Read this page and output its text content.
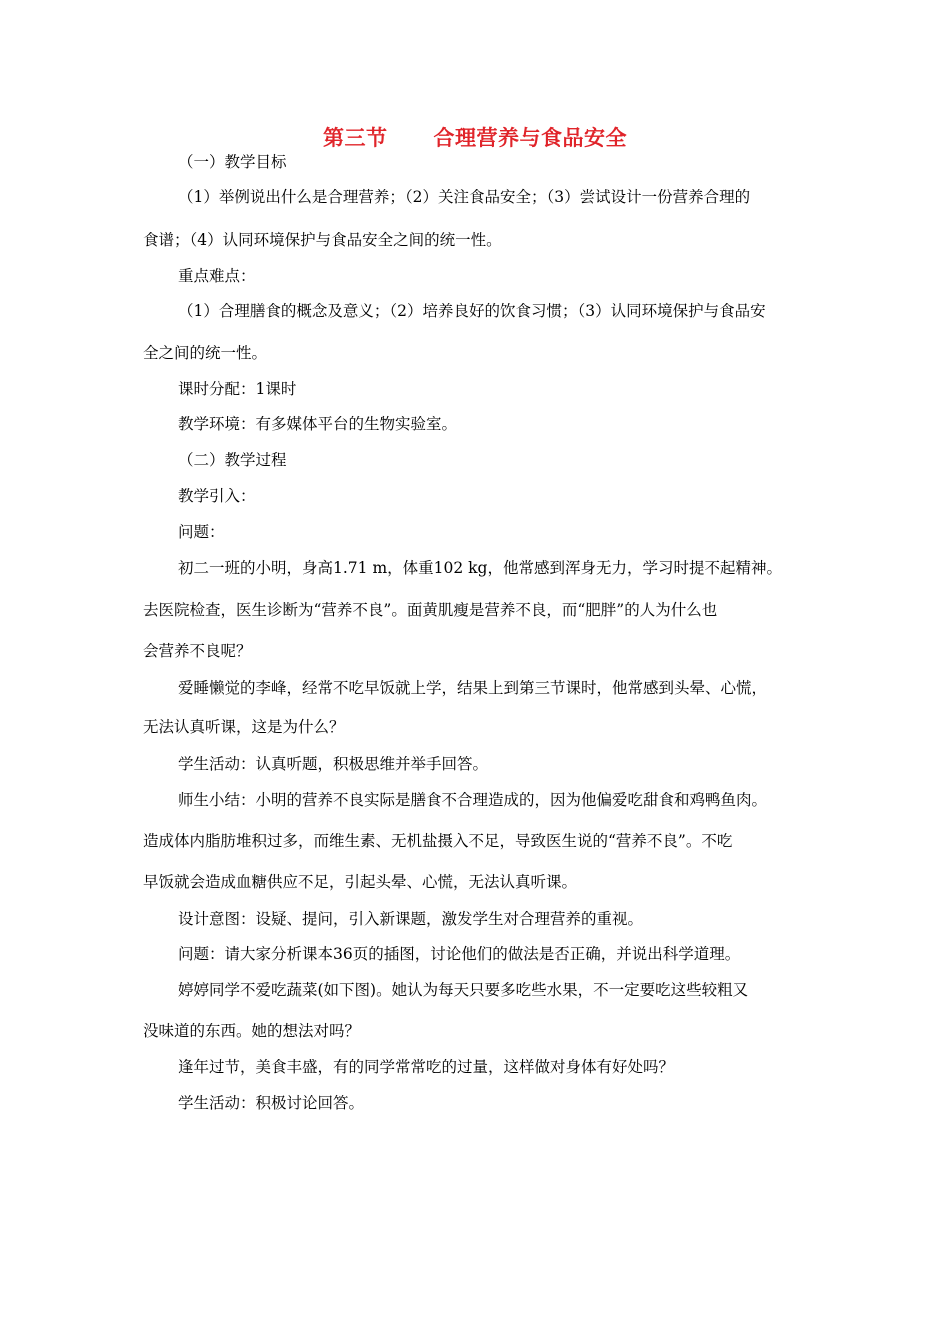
第三节 合理营养与食品安全
（一）教学目标
（1）举例说出什么是合理营养；（2）关注食品安全；（3）尝试设计一份营养合理的
食谱；（4）认同环境保护与食品安全之间的统一性。
重点难点：
（1）合理膳食的概念及意义；（2）培养良好的饮食习惯；（3）认同环境保护与食品安
全之间的统一性。
课时分配：1课时
教学环境：有多媒体平台的生物实验室。
（二）教学过程
教学引入：
问题：
初二一班的小明，身高1.71 m，体重102 kg，他常感到浑身无力，学习时提不起精神。
去医院检查，医生诊断为“营养不良”。面黄肌瘦是营养不良，而“肥胖”的人为什么也
会营养不良呢？
爱睡懒觉的李峰，经常不吃早饭就上学，结果上到第三节课时，他常感到头晕、心慌，
无法认真听课，这是为什么？
学生活动：认真听题，积极思维并举手回答。
师生小结：小明的营养不良实际是膳食不合理造成的，因为他偏爱吃甜食和鸡鸭鱼肉。
造成体内脂肪堆积过多，而维生素、无机盐摄入不足，导致医生说的“营养不良”。不吃
早饭就会造成血糖供应不足，引起头晕、心慌，无法认真听课。
设计意图：设疑、提问，引入新课题，激发学生对合理营养的重视。
问题：请大家分析课本36页的插图，讨论他们的做法是否正确，并说出科学道理。
婷婷同学不爱吃蔬菜(如下图)。她认为每天只要多吃些水果，不一定要吃这些较粗又
没味道的东西。她的想法对吗？
逢年过节，美食丰盛，有的同学常常吃的过量，这样做对身体有好处吗？
学生活动：积极讨论回答。
